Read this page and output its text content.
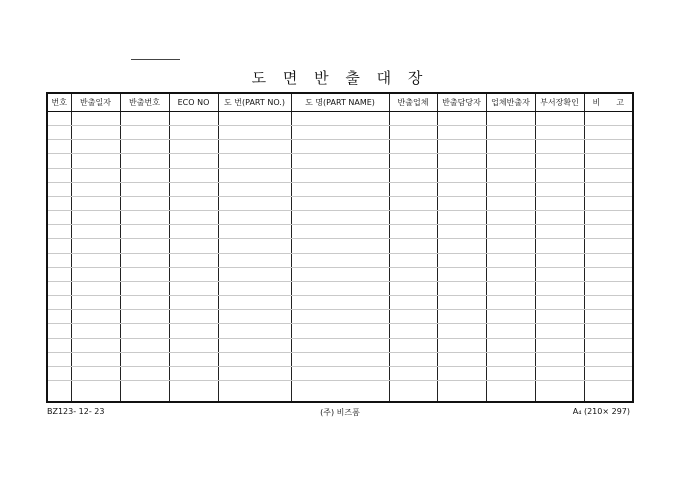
도 면 반 출 대 장
번호	반출일자	반출번호	ECO NO	도 번(PART NO.)	도 명(PART NAME)	반출업체	반출담당자	업체반출자	부서장확인	비　　고

BZ123- 12- 23	(주) 비즈폼	A₄ (210× 297)
